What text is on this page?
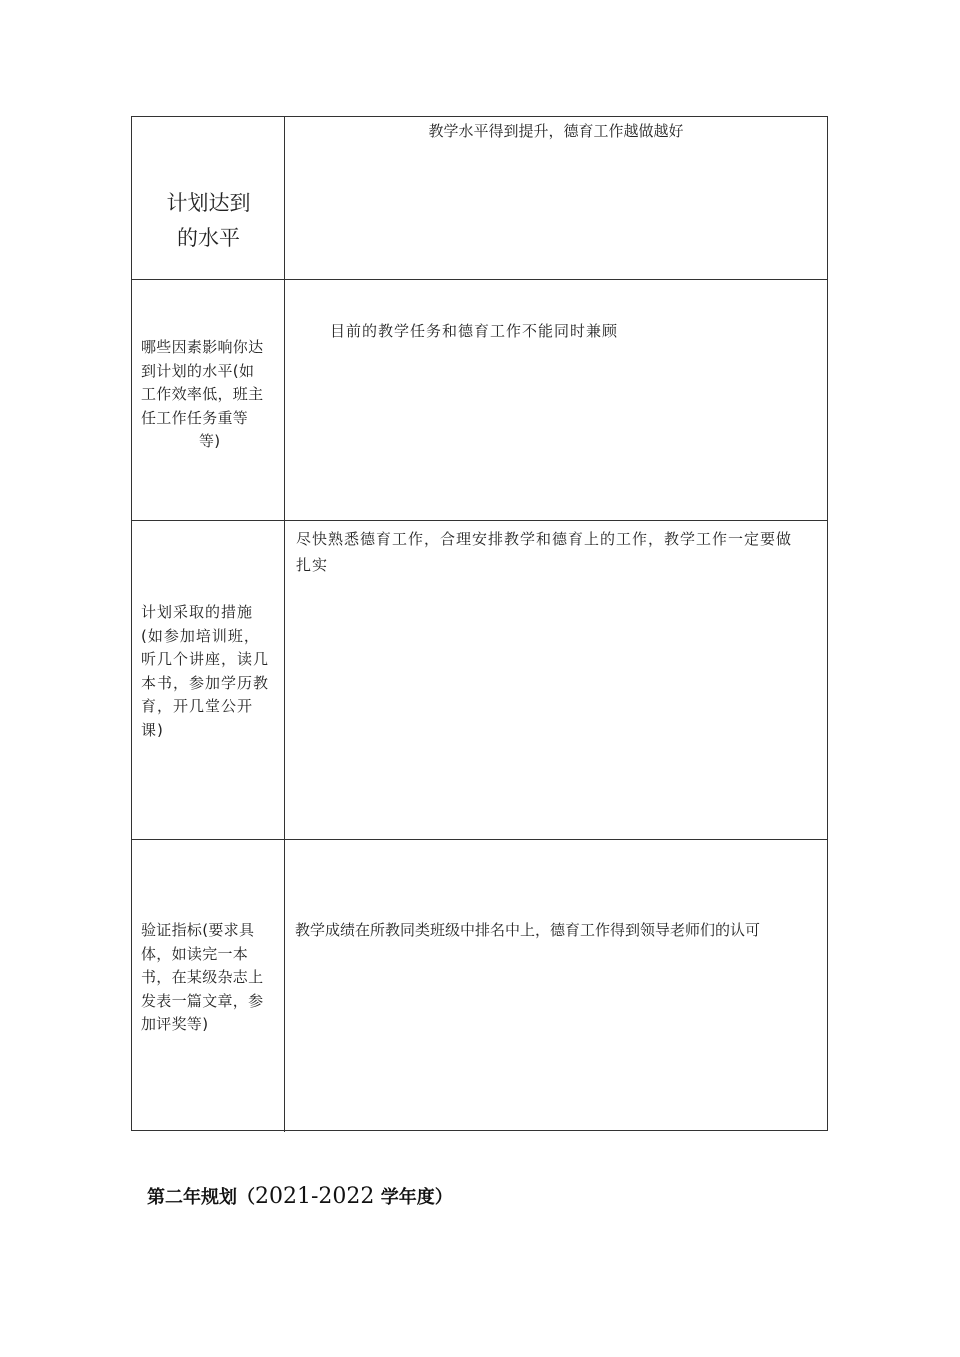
计划达到
的水平
教学水平得到提升，德育工作越做越好
哪些因素影响你达
到计划的水平(如
工作效率低，班主
任工作任务重等
等)
目前的教学任务和德育工作不能同时兼顾
计划采取的措施
(如参加培训班，
听几个讲座，读几
本书，参加学历教
育，开几堂公开
课)
尽快熟悉德育工作，合理安排教学和德育上的工作，教学工作一定要做
扎实
验证指标(要求具
体，如读完一本
书，在某级杂志上
发表一篇文章，参
加评奖等)
教学成绩在所教同类班级中排名中上，德育工作得到领导老师们的认可
第二年规划（2021-2022 学年度）
